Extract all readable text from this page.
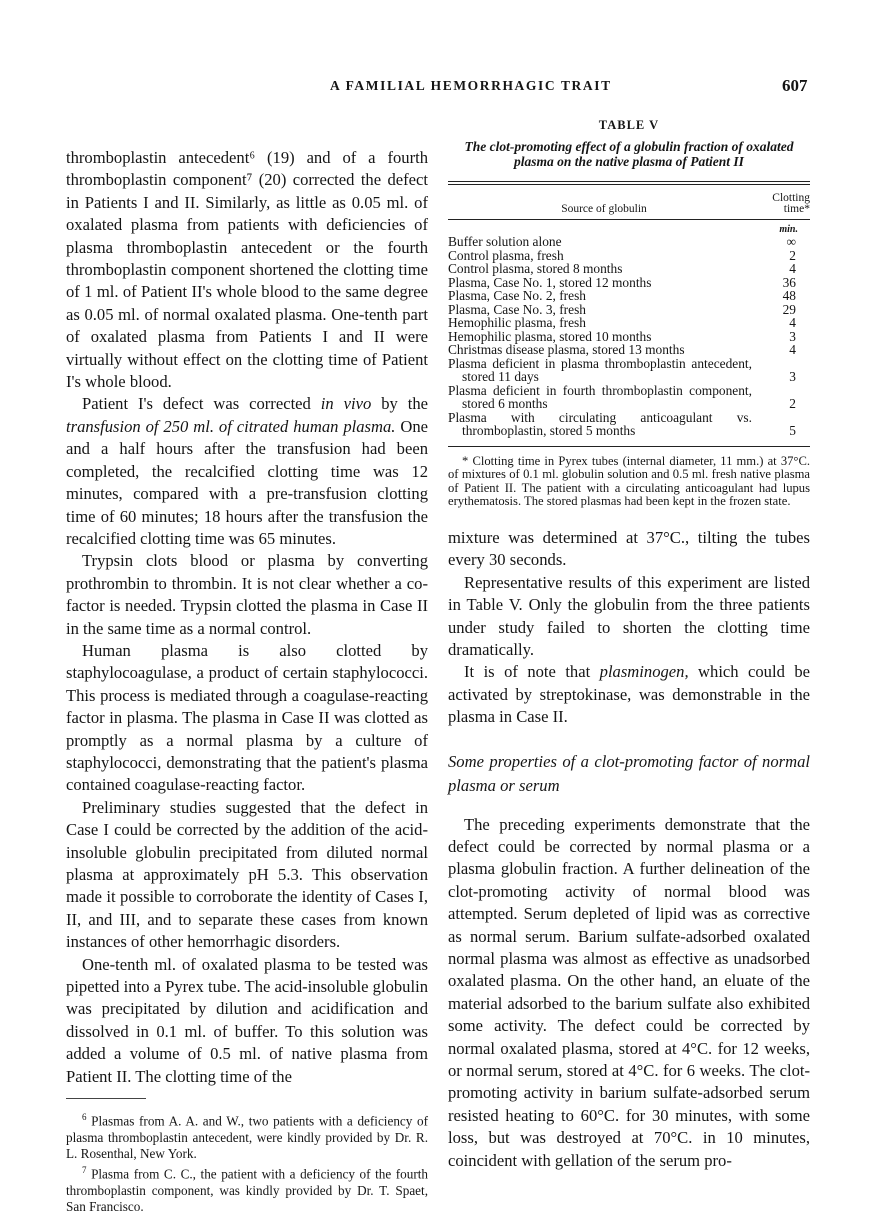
A FAMILIAL HEMORRHAGIC TRAIT	607

thromboplastin antecedent⁶ (19) and of a fourth thromboplastin component⁷ (20) corrected the defect in Patients I and II. Similarly, as little as 0.05 ml. of oxalated plasma from patients with deficiencies of plasma thromboplastin antecedent or the fourth thromboplastin component shortened the clotting time of 1 ml. of Patient II's whole blood to the same degree as 0.05 ml. of normal oxalated plasma. One-tenth part of oxalated plasma from Patients I and II were virtually without effect on the clotting time of Patient I's whole blood.

Patient I's defect was corrected in vivo by the transfusion of 250 ml. of citrated human plasma. One and a half hours after the transfusion had been completed, the recalcified clotting time was 12 minutes, compared with a pre-transfusion clotting time of 60 minutes; 18 hours after the transfusion the recalcified clotting time was 65 minutes.

Trypsin clots blood or plasma by converting prothrombin to thrombin. It is not clear whether a co-factor is needed. Trypsin clotted the plasma in Case II in the same time as a normal control.

Human plasma is also clotted by staphylocoagulase, a product of certain staphylococci. This process is mediated through a coagulase-reacting factor in plasma. The plasma in Case II was clotted as promptly as a normal plasma by a culture of staphylococci, demonstrating that the patient's plasma contained coagulase-reacting factor.

Preliminary studies suggested that the defect in Case I could be corrected by the addition of the acid-insoluble globulin precipitated from diluted normal plasma at approximately pH 5.3. This observation made it possible to corroborate the identity of Cases I, II, and III, and to separate these cases from known instances of other hemorrhagic disorders.

One-tenth ml. of oxalated plasma to be tested was pipetted into a Pyrex tube. The acid-insoluble globulin was precipitated by dilution and acidification and dissolved in 0.1 ml. of buffer. To this solution was added a volume of 0.5 ml. of native plasma from Patient II. The clotting time of the

$^6$ Plasmas from A. A. and W., two patients with a deficiency of plasma thromboplastin antecedent, were kindly provided by Dr. R. L. Rosenthal, New York.

$^7$ Plasma from C. C., the patient with a deficiency of the fourth thromboplastin component, was kindly provided by Dr. T. Spaet, San Francisco.

TABLE V
The clot-promoting effect of a globulin fraction of oxalated plasma on the native plasma of Patient II
Source of globulin
Clotting time*
min.
Buffer solution alone	∞
Control plasma, fresh	2
Control plasma, stored 8 months	4
Plasma, Case No. 1, stored 12 months	36
Plasma, Case No. 2, fresh	48
Plasma, Case No. 3, fresh	29
Hemophilic plasma, fresh	4
Hemophilic plasma, stored 10 months	3
Christmas disease plasma, stored 13 months	4
Plasma deficient in plasma thromboplastin antecedent, stored 11 days	3
Plasma deficient in fourth thromboplastin component, stored 6 months	2
Plasma with circulating anticoagulant vs. thromboplastin, stored 5 months	5
* Clotting time in Pyrex tubes (internal diameter, 11 mm.) at 37°C. of mixtures of 0.1 ml. globulin solution and 0.5 ml. fresh native plasma of Patient II. The patient with a circulating anticoagulant had lupus erythematosis. The stored plasmas had been kept in the frozen state.

mixture was determined at 37°C., tilting the tubes every 30 seconds.

Representative results of this experiment are listed in Table V. Only the globulin from the three patients under study failed to shorten the clotting time dramatically.

It is of note that plasminogen, which could be activated by streptokinase, was demonstrable in the plasma in Case II.

Some properties of a clot-promoting factor of normal plasma or serum

The preceding experiments demonstrate that the defect could be corrected by normal plasma or a plasma globulin fraction. A further delineation of the clot-promoting activity of normal blood was attempted. Serum depleted of lipid was as corrective as normal serum. Barium sulfate-adsorbed oxalated normal plasma was almost as effective as unadsorbed oxalated plasma. On the other hand, an eluate of the material adsorbed to the barium sulfate also exhibited some activity. The defect could be corrected by normal oxalated plasma, stored at 4°C. for 12 weeks, or normal serum, stored at 4°C. for 6 weeks. The clot-promoting activity in barium sulfate-adsorbed serum resisted heating to 60°C. for 30 minutes, with some loss, but was destroyed at 70°C. in 10 minutes, coincident with gellation of the serum pro-
